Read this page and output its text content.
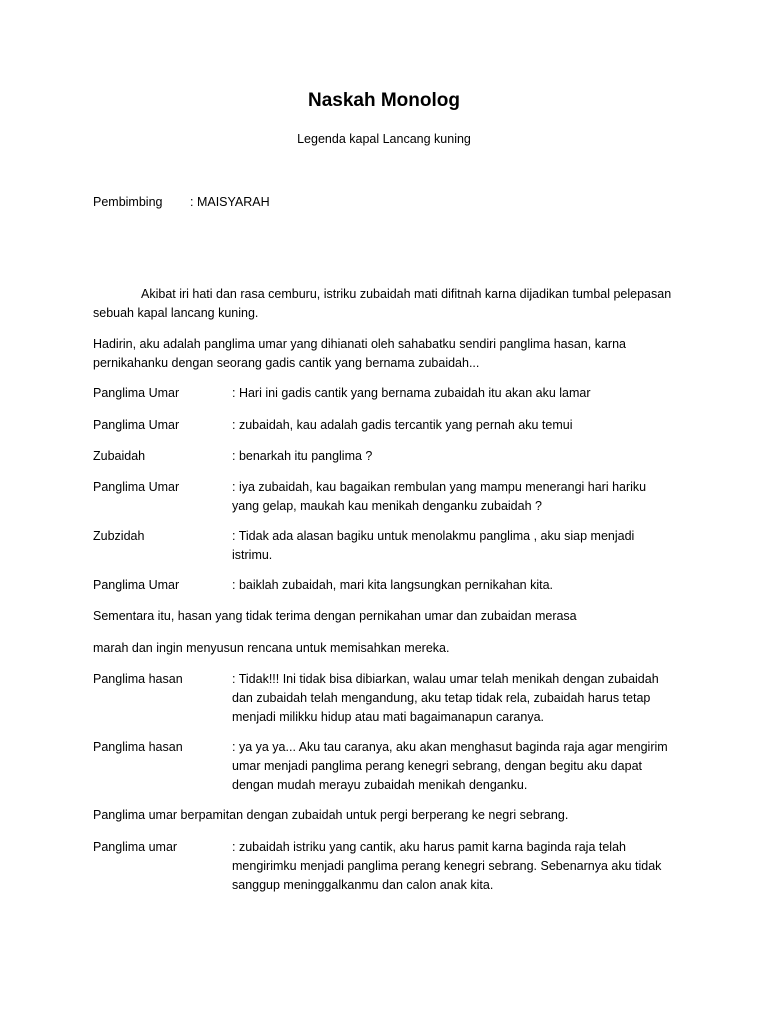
Naskah Monolog
Legenda kapal Lancang kuning
Pembimbing : MAISYARAH
Akibat iri hati dan rasa cemburu, istriku zubaidah mati difitnah karna dijadikan tumbal pelepasan sebuah kapal lancang kuning.
Hadirin, aku adalah panglima umar yang dihianati oleh sahabatku sendiri panglima hasan, karna pernikahanku dengan seorang gadis cantik yang bernama zubaidah...
Panglima Umar	: Hari ini gadis cantik yang bernama zubaidah itu akan aku lamar
Panglima Umar	: zubaidah, kau adalah gadis tercantik yang pernah aku temui
Zubaidah	: benarkah itu panglima ?
Panglima Umar	: iya zubaidah, kau bagaikan rembulan yang mampu menerangi hari hariku yang gelap, maukah kau menikah denganku zubaidah ?
Zubzidah	: Tidak ada alasan bagiku untuk menolakmu panglima , aku siap menjadi istrimu.
Panglima Umar	: baiklah zubaidah, mari kita langsungkan pernikahan kita.
Sementara itu, hasan yang tidak terima dengan pernikahan umar dan zubaidan merasa
marah dan ingin menyusun rencana untuk memisahkan mereka.
Panglima hasan	: Tidak!!! Ini tidak bisa dibiarkan, walau umar telah menikah dengan zubaidah dan zubaidah telah mengandung, aku tetap tidak rela, zubaidah harus tetap menjadi milikku hidup atau mati bagaimanapun caranya.
Panglima hasan	: ya ya ya... Aku tau caranya, aku akan menghasut baginda raja agar mengirim umar menjadi panglima perang kenegri sebrang, dengan begitu aku dapat dengan mudah merayu zubaidah menikah denganku.
Panglima umar berpamitan dengan zubaidah untuk pergi berperang ke negri sebrang.
Panglima umar	: zubaidah istriku yang cantik, aku harus pamit karna baginda raja telah mengirimku menjadi panglima perang kenegri sebrang. Sebenarnya aku tidak sanggup meninggalkanmu dan calon anak kita.
